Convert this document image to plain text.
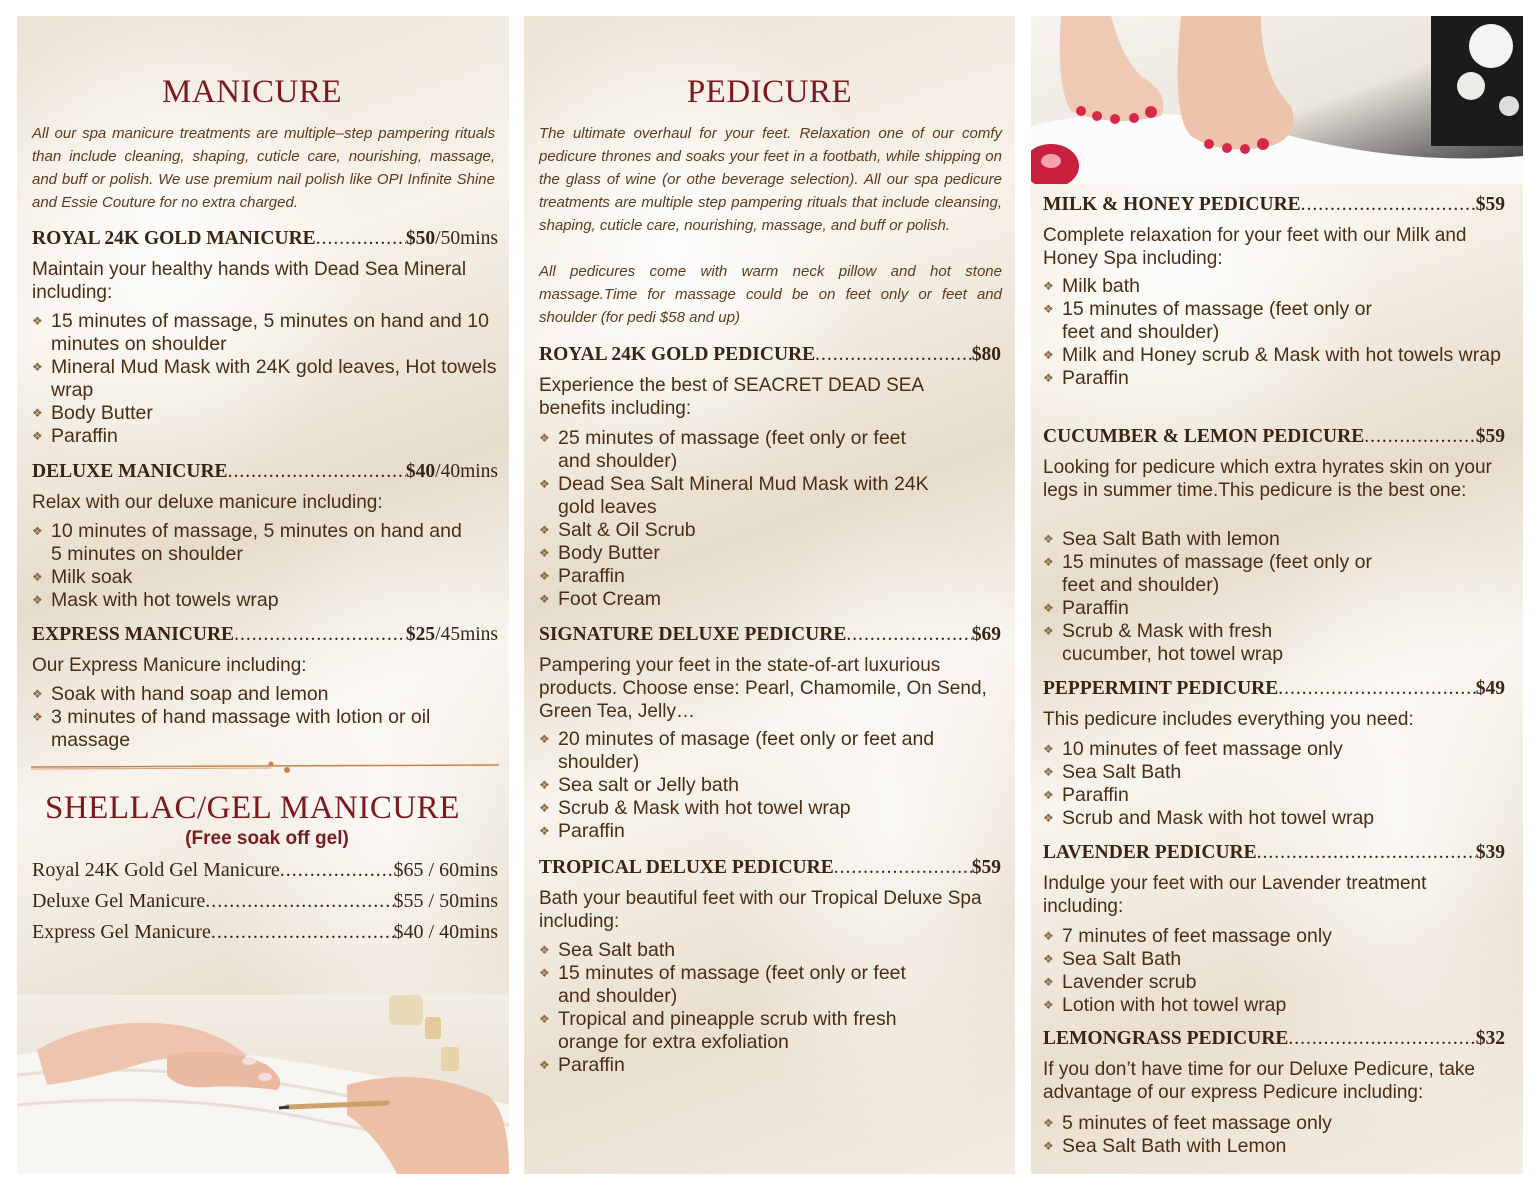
MANICURE
All our spa manicure treatments are multiple–step pampering rituals than include cleaning, shaping, cuticle care, nourishing, massage, and buff or polish. We use premium nail polish like OPI Infinite Shine and Essie Couture for no extra charged.
ROYAL 24K GOLD MANICURE .....	$50 /50mins
Maintain your healthy hands with Dead Sea Mineral including:
❖ 15 minutes of massage, 5 minutes on hand and 10 minutes on shoulder
❖ Mineral Mud Mask with 24K gold leaves, Hot towels wrap
❖ Body Butter
❖ Paraffin
DELUXE MANICURE .....	$40 /40mins
Relax with our deluxe manicure including:
❖ 10 minutes of massage, 5 minutes on hand and 5 minutes on shoulder
❖ Milk soak
❖ Mask with hot towels wrap
EXPRESS MANICURE .....	$25 /45mins
Our Express Manicure including:
❖ Soak with hand soap and lemon
❖ 3 minutes of hand massage with lotion or oil massage
SHELLAC/GEL MANICURE
(Free soak off gel)
Royal 24K Gold Gel Manicure .....	$65 / 60mins
Deluxe Gel Manicure .....	$55 / 50mins
Express Gel Manicure .....	$40 / 40mins
PEDICURE
The ultimate overhaul for your feet. Relaxation one of our comfy pedicure thrones and soaks your feet in a footbath, while shipping on the glass of wine (or othe beverage selection). All our spa pedicure treatments are multiple step pampering rituals that include cleansing, shaping, cuticle care, nourishing, massage, and buff or polish.
All pedicures come with warm neck pillow and hot stone massage.Time for massage could be on feet only or feet and shoulder (for pedi $58 and up)
ROYAL 24K GOLD PEDICURE .....	$80
Experience the best of SEACRET DEAD SEA benefits including:
❖ 25 minutes of massage (feet only or feet and shoulder)
❖ Dead Sea Salt Mineral Mud Mask with 24K gold leaves
❖ Salt & Oil Scrub
❖ Body Butter
❖ Paraffin
❖ Foot Cream
SIGNATURE DELUXE PEDICURE .....	$69
Pampering your feet in the state-of-art luxurious products. Choose ense: Pearl, Chamomile, On Send, Green Tea, Jelly…
❖ 20 minutes of masage (feet only or feet and shoulder)
❖ Sea salt or Jelly bath
❖ Scrub & Mask with hot towel wrap
❖ Paraffin
TROPICAL DELUXE PEDICURE .....	$59
Bath your beautiful feet with our Tropical Deluxe Spa including:
❖ Sea Salt bath
❖ 15 minutes of massage (feet only or feet and shoulder)
❖ Tropical and pineapple scrub with fresh orange for extra exfoliation
❖ Paraffin
MILK & HONEY PEDICURE .....	$59
Complete relaxation for your feet with our Milk and Honey Spa including:
❖ Milk bath
❖ 15 minutes of massage (feet only or feet and shoulder)
❖ Milk and Honey scrub & Mask with hot towels wrap
❖ Paraffin
CUCUMBER & LEMON PEDICURE .....	$59
Looking for pedicure which extra hyrates skin on your legs in summer time.This pedicure is the best one:
❖ Sea Salt Bath with lemon
❖ 15 minutes of massage (feet only or feet and shoulder)
❖ Paraffin
❖ Scrub & Mask with fresh cucumber, hot towel wrap
PEPPERMINT PEDICURE .....	$49
This pedicure includes everything you need:
❖ 10 minutes of feet massage only
❖ Sea Salt Bath
❖ Paraffin
❖ Scrub and Mask with hot towel wrap
LAVENDER PEDICURE .....	$39
Indulge your feet with our Lavender treatment including:
❖ 7 minutes of feet massage only
❖ Sea Salt Bath
❖ Lavender scrub
❖ Lotion with hot towel wrap
LEMONGRASS PEDICURE .....	$32
If you don’t have time for our Deluxe Pedicure, take advantage of our express Pedicure including:
❖ 5 minutes of feet massage only
❖ Sea Salt Bath with Lemon
